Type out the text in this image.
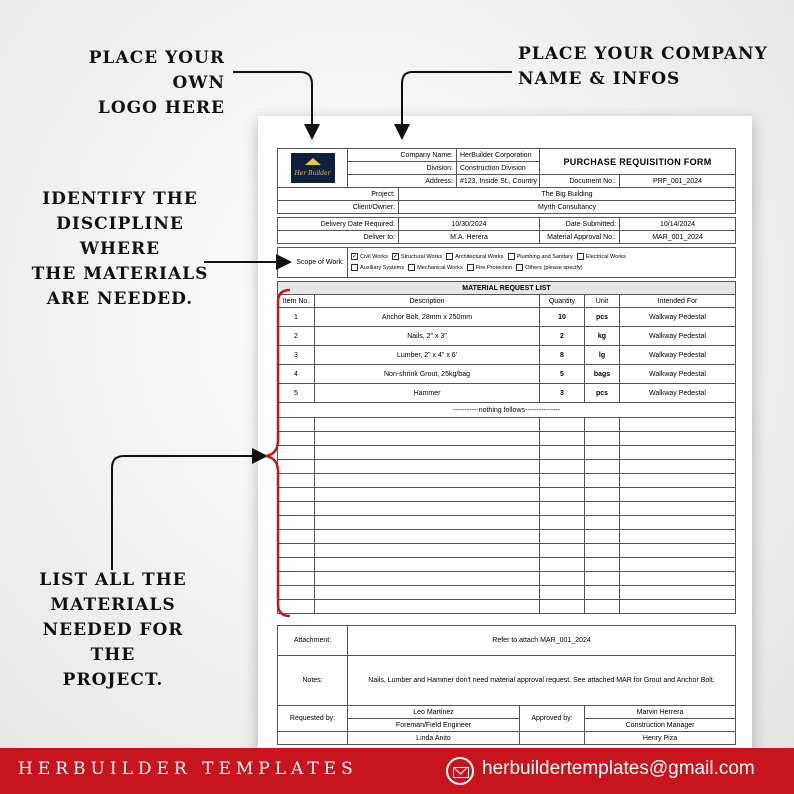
PLACE YOUR OWN
LOGO HERE
PLACE YOUR COMPANY
NAME & INFOS
IDENTIFY THE
DISCIPLINE WHERE
THE MATERIALS
ARE NEEDED.
LIST ALL THE
MATERIALS
NEEDED FOR THE
PROJECT.
Her Builder		Company Name:		HerBuilder Corporation		PURCHASE REQUISITION FORM		
		Division:		Construction Division				
		Address:		#123, Inside St., Country		Document No.:		PRF_001_2024
Project:			The Big Building					
Client/Owner:			Myrth Consultancy					

Delivery Date Required:			10/30/2024			Date Submitted:		10/14/2024
Deliver to:			M.A. Herera			Material Approval No.:		MAR_001_2024

Scope of Work:		✓ Civil Works ✓ Structural Works Architectural Works Plumbing and Sanitary Electrical Works
Auxiliary Systems Mechanical Works Fire Protection Others (please specify)						

MATERIAL REQUEST LIST								
Item No.	Description					Quantity	Unit	Intended For
1	Anchor Bolt, 28mm x 250mm					10	pcs	Walkway Pedestal
2	Nails, 2" x 3"					2	kg	Walkway Pedestal
3	Lumber, 2" x 4" x 6'					8	lg	Walkway Pedestal
4	Non-shrink Grout, 25kg/bag					5	bags	Walkway Pedestal
5	Hammer					3	pcs	Walkway Pedestal
-----------nothing follows---------------								

Attachment:		Refer to attach MAR_001_2024						
Notes:		Nails, Lumber and Hammer don't need material approval request. See attached MAR for Grout and Anchor Bolt.						
Requested by:		Leo Martinez			Approved by:		Marvin Herrera	
		Foreman/Field Engineer					Construction Manager	
		Linda Anito					Henry Piza	
HERBUILDER TEMPLATES	herbuildertemplates@gmail.com
